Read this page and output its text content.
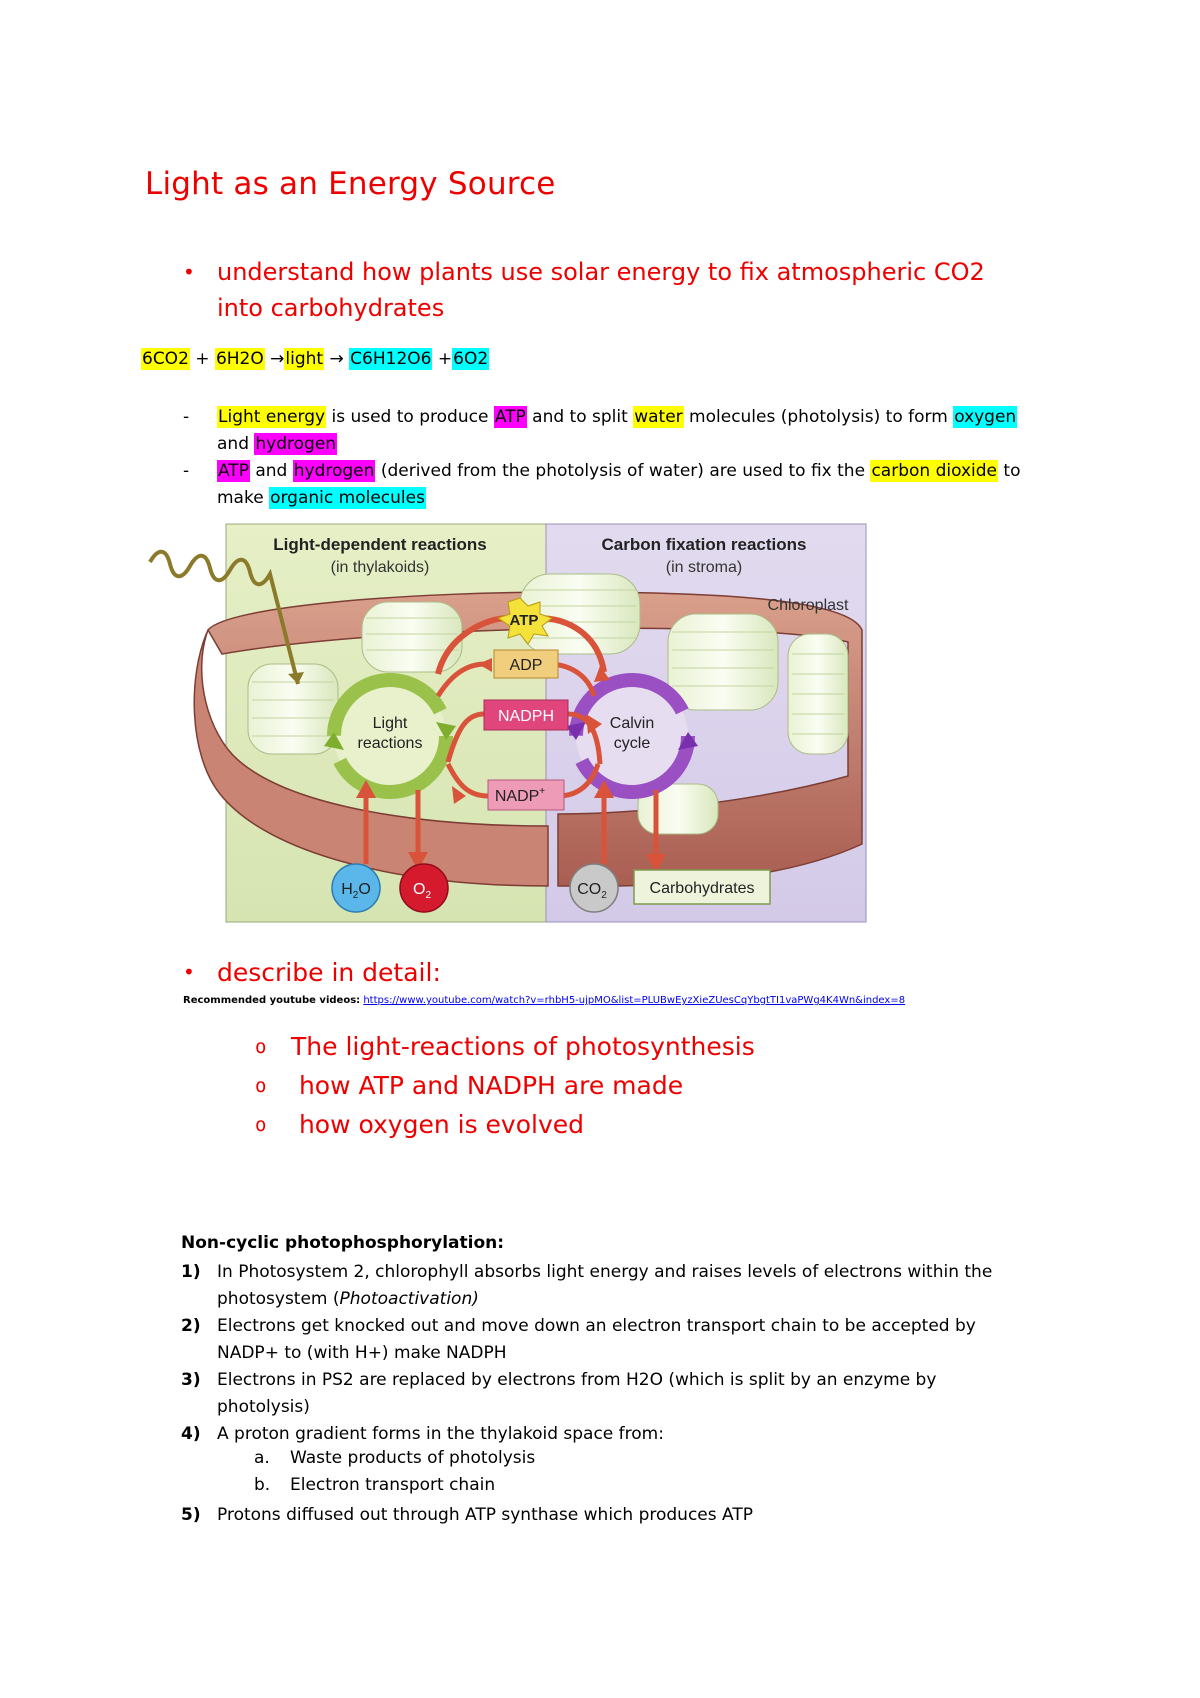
Light as an Energy Source
• understand how plants use solar energy to fix atmospheric CO2
into carbohydrates
6CO2 + 6H2O →light → C6H12O6 +6O2
- Light energy is used to produce ATP and to split water molecules (photolysis) to form oxygen
and hydrogen
- ATP and hydrogen (derived from the photolysis of water) are used to fix the carbon dioxide to
make organic molecules
Light-dependent reactions
(in thylakoids)
Carbon fixation reactions
(in stroma)
Chloroplast
Light
reactions
Calvin
cycle
ATP
ADP
NADPH
NADP+
$H_2O$	$O_2$	$CO_2$	Carbohydrates
• describe in detail:
Recommended youtube videos: https://www.youtube.com/watch?v=rhbH5-ujpMO&list=PLUBwEyzXieZUesCqYbgtTI1vaPWg4K4Wn&index=8
o The light-reactions of photosynthesis
o how ATP and NADPH are made
o how oxygen is evolved
Non-cyclic photophosphorylation:
1) In Photosystem 2, chlorophyll absorbs light energy and raises levels of electrons within the
photosystem (Photoactivation)
2) Electrons get knocked out and move down an electron transport chain to be accepted by
NADP+ to (with H+) make NADPH
3) Electrons in PS2 are replaced by electrons from H2O (which is split by an enzyme by
photolysis)
4) A proton gradient forms in the thylakoid space from:
a. Waste products of photolysis
b. Electron transport chain
5) Protons diffused out through ATP synthase which produces ATP
